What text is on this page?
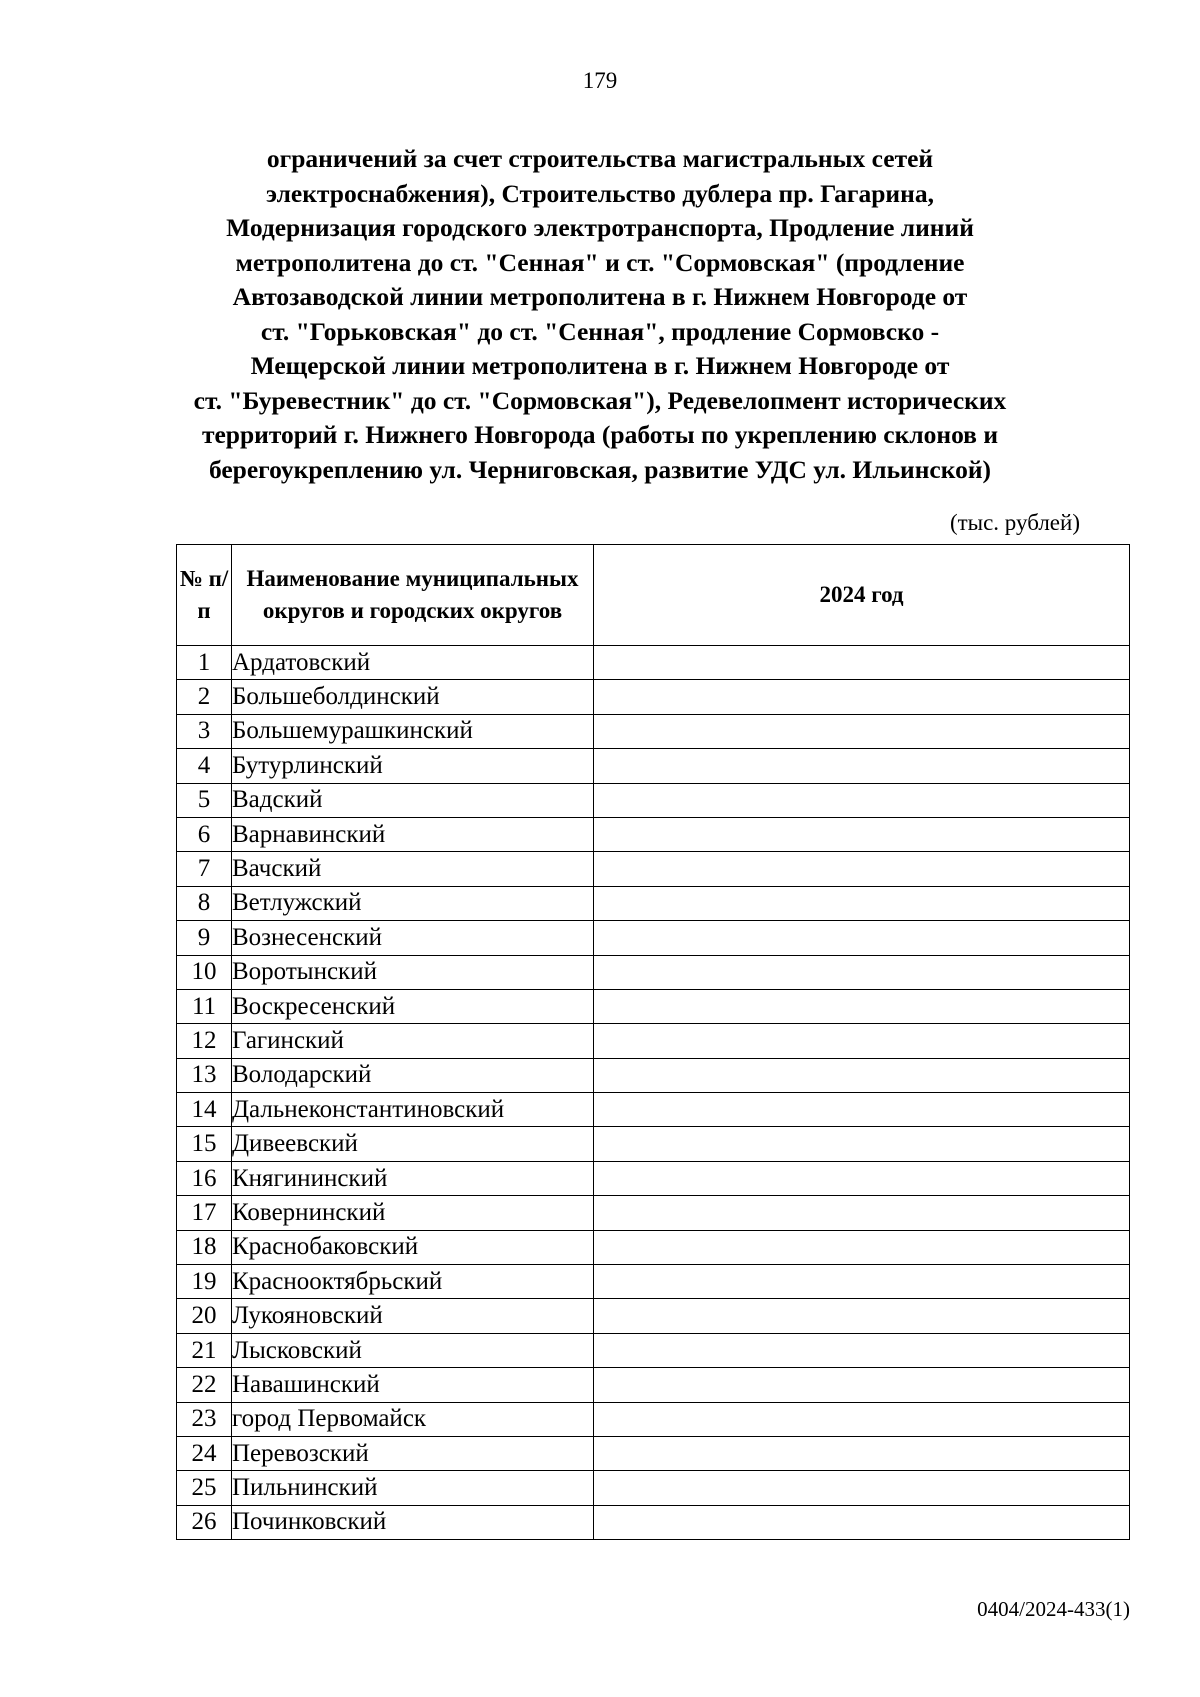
179
ограничений за счет строительства магистральных сетей
электроснабжения), Строительство дублера пр. Гагарина,
Модернизация городского электротранспорта, Продление линий
метрополитена до ст. "Сенная" и ст. "Сормовская" (продление
Автозаводской линии метрополитена в г. Нижнем Новгороде от
ст. "Горьковская" до ст. "Сенная", продление Сормовско -
Мещерской линии метрополитена в г. Нижнем Новгороде от
ст. "Буревестник" до ст. "Сормовская"), Редевелопмент исторических
территорий г. Нижнего Новгорода (работы по укреплению склонов и
берегоукреплению ул. Черниговская, развитие УДС ул. Ильинской)
(тыс. рублей)
№ п/п	Наименование муниципальных округов и городских округов	2024 год
1	Ардатовский	
2	Большеболдинский	
3	Большемурашкинский	
4	Бутурлинский	
5	Вадский	
6	Варнавинский	
7	Вачский	
8	Ветлужский	
9	Вознесенский	
10	Воротынский	
11	Воскресенский	
12	Гагинский	
13	Володарский	
14	Дальнеконстантиновский	
15	Дивеевский	
16	Княгининский	
17	Ковернинский	
18	Краснобаковский	
19	Краснооктябрьский	
20	Лукояновский	
21	Лысковский	
22	Навашинский	
23	город Первомайск	
24	Перевозский	
25	Пильнинский	
26	Починковский	
0404/2024-433(1)
